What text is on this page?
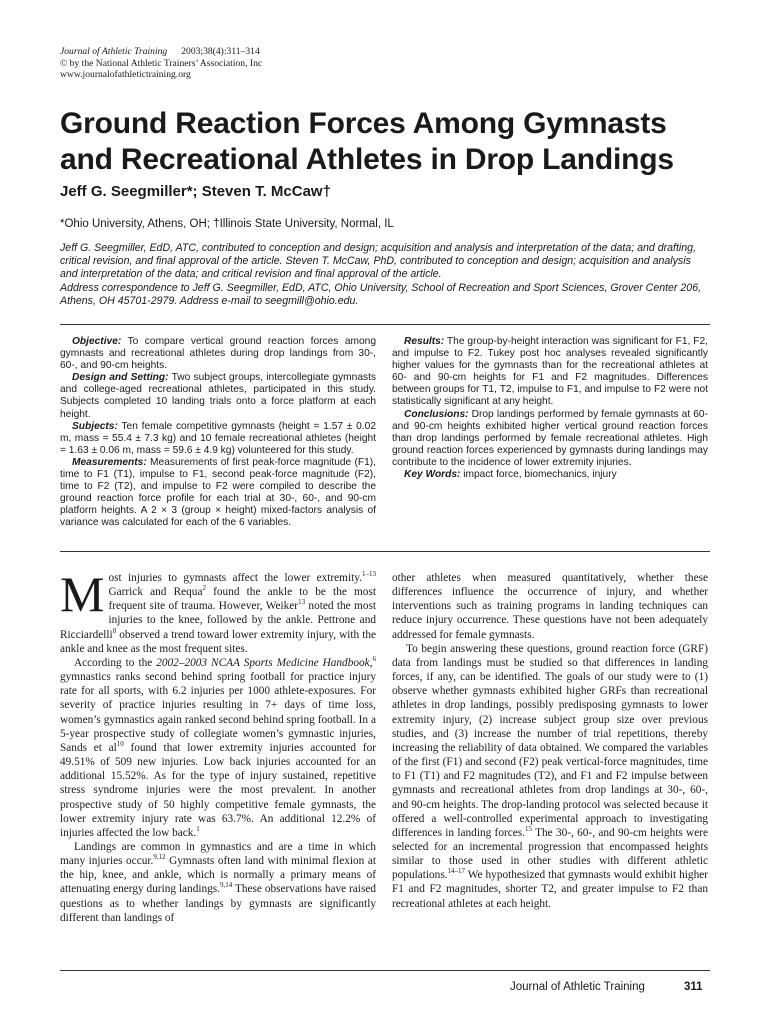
Journal of Athletic Training 2003;38(4):311–314
© by the National Athletic Trainers’ Association, Inc
www.journalofathletictraining.org
Ground Reaction Forces Among Gymnasts
and Recreational Athletes in Drop Landings
Jeff G. Seegmiller*; Steven T. McCaw†
*Ohio University, Athens, OH; †Illinois State University, Normal, IL
Jeff G. Seegmiller, EdD, ATC, contributed to conception and design; acquisition and analysis and interpretation of the data; and drafting, critical revision, and final approval of the article. Steven T. McCaw, PhD, contributed to conception and design; acquisition and analysis and interpretation of the data; and critical revision and final approval of the article.
Address correspondence to Jeff G. Seegmiller, EdD, ATC, Ohio University, School of Recreation and Sport Sciences, Grover Center 206, Athens, OH 45701-2979. Address e-mail to seegmill@ohio.edu.

Objective: To compare vertical ground reaction forces among gymnasts and recreational athletes during drop landings from 30-, 60-, and 90-cm heights.

Design and Setting: Two subject groups, intercollegiate gymnasts and college-aged recreational athletes, participated in this study. Subjects completed 10 landing trials onto a force platform at each height.

Subjects: Ten female competitive gymnasts (height = 1.57 ± 0.02 m, mass = 55.4 ± 7.3 kg) and 10 female recreational athletes (height = 1.63 ± 0.06 m, mass = 59.6 ± 4.9 kg) volunteered for this study.

Measurements: Measurements of first peak-force magnitude (F1), time to F1 (T1), impulse to F1, second peak-force magnitude (F2), time to F2 (T2), and impulse to F2 were compiled to describe the ground reaction force profile for each trial at 30-, 60-, and 90-cm platform heights. A 2 × 3 (group × height) mixed-factors analysis of variance was calculated for each of the 6 variables.

Results: The group-by-height interaction was significant for F1, F2, and impulse to F2. Tukey post hoc analyses revealed significantly higher values for the gymnasts than for the recreational athletes at 60- and 90-cm heights for F1 and F2 magnitudes. Differences between groups for T1, T2, impulse to F1, and impulse to F2 were not statistically significant at any height.

Conclusions: Drop landings performed by female gymnasts at 60- and 90-cm heights exhibited higher vertical ground reaction forces than drop landings performed by female recreational athletes. High ground reaction forces experienced by gymnasts during landings may contribute to the incidence of lower extremity injuries.

Key Words: impact force, biomechanics, injury

Most injuries to gymnasts affect the lower extremity.$^{1-13}$ Garrick and Requa$^2$ found the ankle to be the most frequent site of trauma. However, Weiker$^{13}$ noted the most injuries to the knee, followed by the ankle. Pettrone and Ricciardelli$^8$ observed a trend toward lower extremity injury, with the ankle and knee as the most frequent sites.

According to the 2002–2003 NCAA Sports Medicine Handbook,$^6$ gymnastics ranks second behind spring football for practice injury rate for all sports, with 6.2 injuries per 1000 athlete-exposures. For severity of practice injuries resulting in 7+ days of time loss, women’s gymnastics again ranked second behind spring football. In a 5-year prospective study of collegiate women’s gymnastic injuries, Sands et $al^{10}$ found that lower extremity injuries accounted for 49.51% of 509 new injuries. Low back injuries accounted for an additional 15.52%. As for the type of injury sustained, repetitive stress syndrome injuries were the most prevalent. In another prospective study of 50 highly competitive female gymnasts, the lower extremity injury rate was 63.7%. An additional 12.2% of injuries affected the low back.$^1$

Landings are common in gymnastics and are a time in which many injuries occur.$^{9,12}$ Gymnasts often land with minimal flexion at the hip, knee, and ankle, which is normally a primary means of attenuating energy during landings.$^{9,14}$ These observations have raised questions as to whether landings by gymnasts are significantly different than landings of

other athletes when measured quantitatively, whether these differences influence the occurrence of injury, and whether interventions such as training programs in landing techniques can reduce injury occurrence. These questions have not been adequately addressed for female gymnasts.

To begin answering these questions, ground reaction force (GRF) data from landings must be studied so that differences in landing forces, if any, can be identified. The goals of our study were to (1) observe whether gymnasts exhibited higher GRFs than recreational athletes in drop landings, possibly predisposing gymnasts to lower extremity injury, (2) increase subject group size over previous studies, and (3) increase the number of trial repetitions, thereby increasing the reliability of data obtained. We compared the variables of the first (F1) and second (F2) peak vertical-force magnitudes, time to F1 (T1) and F2 magnitudes (T2), and F1 and F2 impulse between gymnasts and recreational athletes from drop landings at 30-, 60-, and 90-cm heights. The drop-landing protocol was selected because it offered a well-controlled experimental approach to investigating differences in landing forces.$^{15}$ The 30-, 60-, and 90-cm heights were selected for an incremental progression that encompassed heights similar to those used in other studies with different athletic populations.$^{14-17}$ We hypothesized that gymnasts would exhibit higher F1 and F2 magnitudes, shorter T2, and greater impulse to F2 than recreational athletes at each height.

Journal of Athletic Training	311
